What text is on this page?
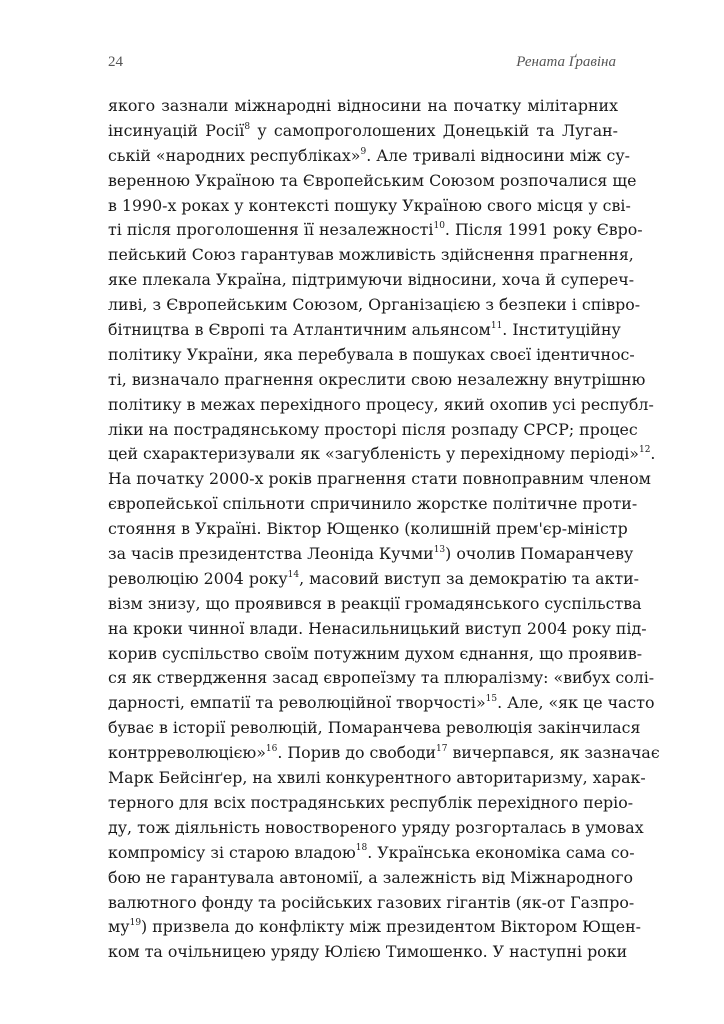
24	Рената Ґравіна
якого зазнали міжнародні відносини на початку мілітарних
інсинуацій Росії$^8$ у самопроголошених Донецькій та Луган-
ській «народних республіках»$^9$. Але тривалі відносини між су-
веренною Україною та Європейським Союзом розпочалися ще
в 1990-х роках у контексті пошуку Україною свого місця у сві-
ті після проголошення її незалежності$^{10}$. Після 1991 року Євро-
пейський Союз гарантував можливість здійснення прагнення,
яке плекала Україна, підтримуючи відносини, хоча й супереч-
ливі, з Європейським Союзом, Організацією з безпеки і співро-
бітництва в Європі та Атлантичним альянсом$^{11}$. Інституційну
політику України, яка перебувала в пошуках своєї ідентичнос-
ті, визначало прагнення окреслити свою незалежну внутрішню
політику в межах перехідного процесу, який охопив усі республ-
ліки на пострадянському просторі після розпаду СРСР; процес
цей схарактеризували як «загубленість у перехідному періоді»$^{12}$.
На початку 2000-х років прагнення стати повноправним членом
європейської спільноти спричинило жорстке політичне проти-
стояння в Україні. Віктор Ющенко (колишній прем'єр-міністр
за часів президентства Леоніда Кучми$^{13}$) очолив Помаранчеву
революцію 2004 року$^{14}$, масовий виступ за демократію та акти-
візм знизу, що проявився в реакції громадянського суспільства
на кроки чинної влади. Ненасильницький виступ 2004 року під-
корив суспільство своїм потужним духом єднання, що проявив-
ся як ствердження засад європеїзму та плюралізму: «вибух солі-
дарності, емпатії та революційної творчості»$^{15}$. Але, «як це часто
буває в історії революцій, Помаранчева революція закінчилася
контрреволюцією»$^{16}$. Порив до свободи$^{17}$ вичерпався, як зазначає
Марк Бейсінґер, на хвилі конкурентного авторитаризму, харак-
терного для всіх пострадянських республік перехідного періо-
ду, тож діяльність новоствореного уряду розгорталась в умовах
компромісу зі старою владою$^{18}$. Українська економіка сама со-
бою не гарантувала автономії, а залежність від Міжнародного
валютного фонду та російських газових гігантів (як-от Газпро-
$му^{19}$) призвела до конфлікту між президентом Віктором Ющен-
ком та очільницею уряду Юлією Тимошенко. У наступні роки
